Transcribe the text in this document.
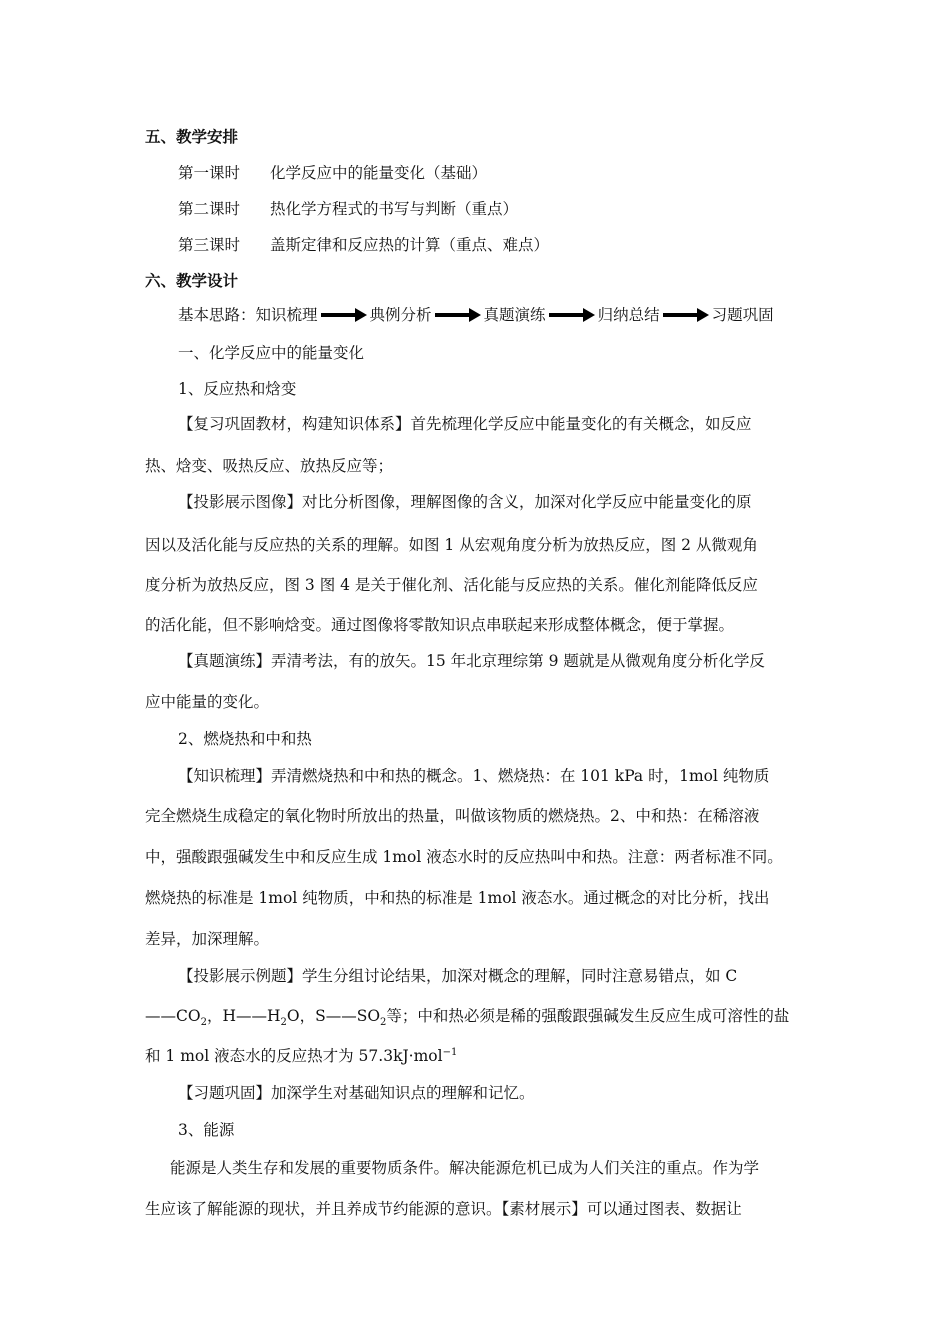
五、教学安排
第一课时 化学反应中的能量变化（基础）
第二课时 热化学方程式的书写与判断（重点）
第三课时 盖斯定律和反应热的计算（重点、难点）
六、教学设计
基本思路： 知识梳理	典例分析	真题演练	归纳总结	习题巩固
一、化学反应中的能量变化
1、反应热和焓变
【复习巩固教材，构建知识体系】首先梳理化学反应中能量变化的有关概念，如反应
热、焓变、吸热反应、放热反应等；
【投影展示图像】对比分析图像，理解图像的含义，加深对化学反应中能量变化的原
因以及活化能与反应热的关系的理解。如图 1 从宏观角度分析为放热反应，图 2 从微观角
度分析为放热反应，图 3 图 4 是关于催化剂、活化能与反应热的关系。催化剂能降低反应
的活化能，但不影响焓变。通过图像将零散知识点串联起来形成整体概念，便于掌握。
【真题演练】弄清考法，有的放矢。15 年北京理综第 9 题就是从微观角度分析化学反
应中能量的变化。
2、燃烧热和中和热
【知识梳理】弄清燃烧热和中和热的概念。1、燃烧热：在 101 kPa 时，1mol 纯物质
完全燃烧生成稳定的氧化物时所放出的热量，叫做该物质的燃烧热。2、中和热：在稀溶液
中，强酸跟强碱发生中和反应生成 1mol 液态水时的反应热叫中和热。注意：两者标准不同。
燃烧热的标准是 1mol 纯物质，中和热的标准是 1mol 液态水。通过概念的对比分析，找出
差异，加深理解。
【投影展示例题】学生分组讨论结果，加深对概念的理解，同时注意易错点，如 C
$——CO_2$，$H——H_2O$，$S——SO_2$等；中和热必须是稀的强酸跟强碱发生反应生成可溶性的盐
和 1 mol 液态水的反应热才为 57.3kJ·mol$^{-1}$
【习题巩固】加深学生对基础知识点的理解和记忆。
3、能源
能源是人类生存和发展的重要物质条件。解决能源危机已成为人们关注的重点。作为学
生应该了解能源的现状，并且养成节约能源的意识。【素材展示】可以通过图表、数据让
